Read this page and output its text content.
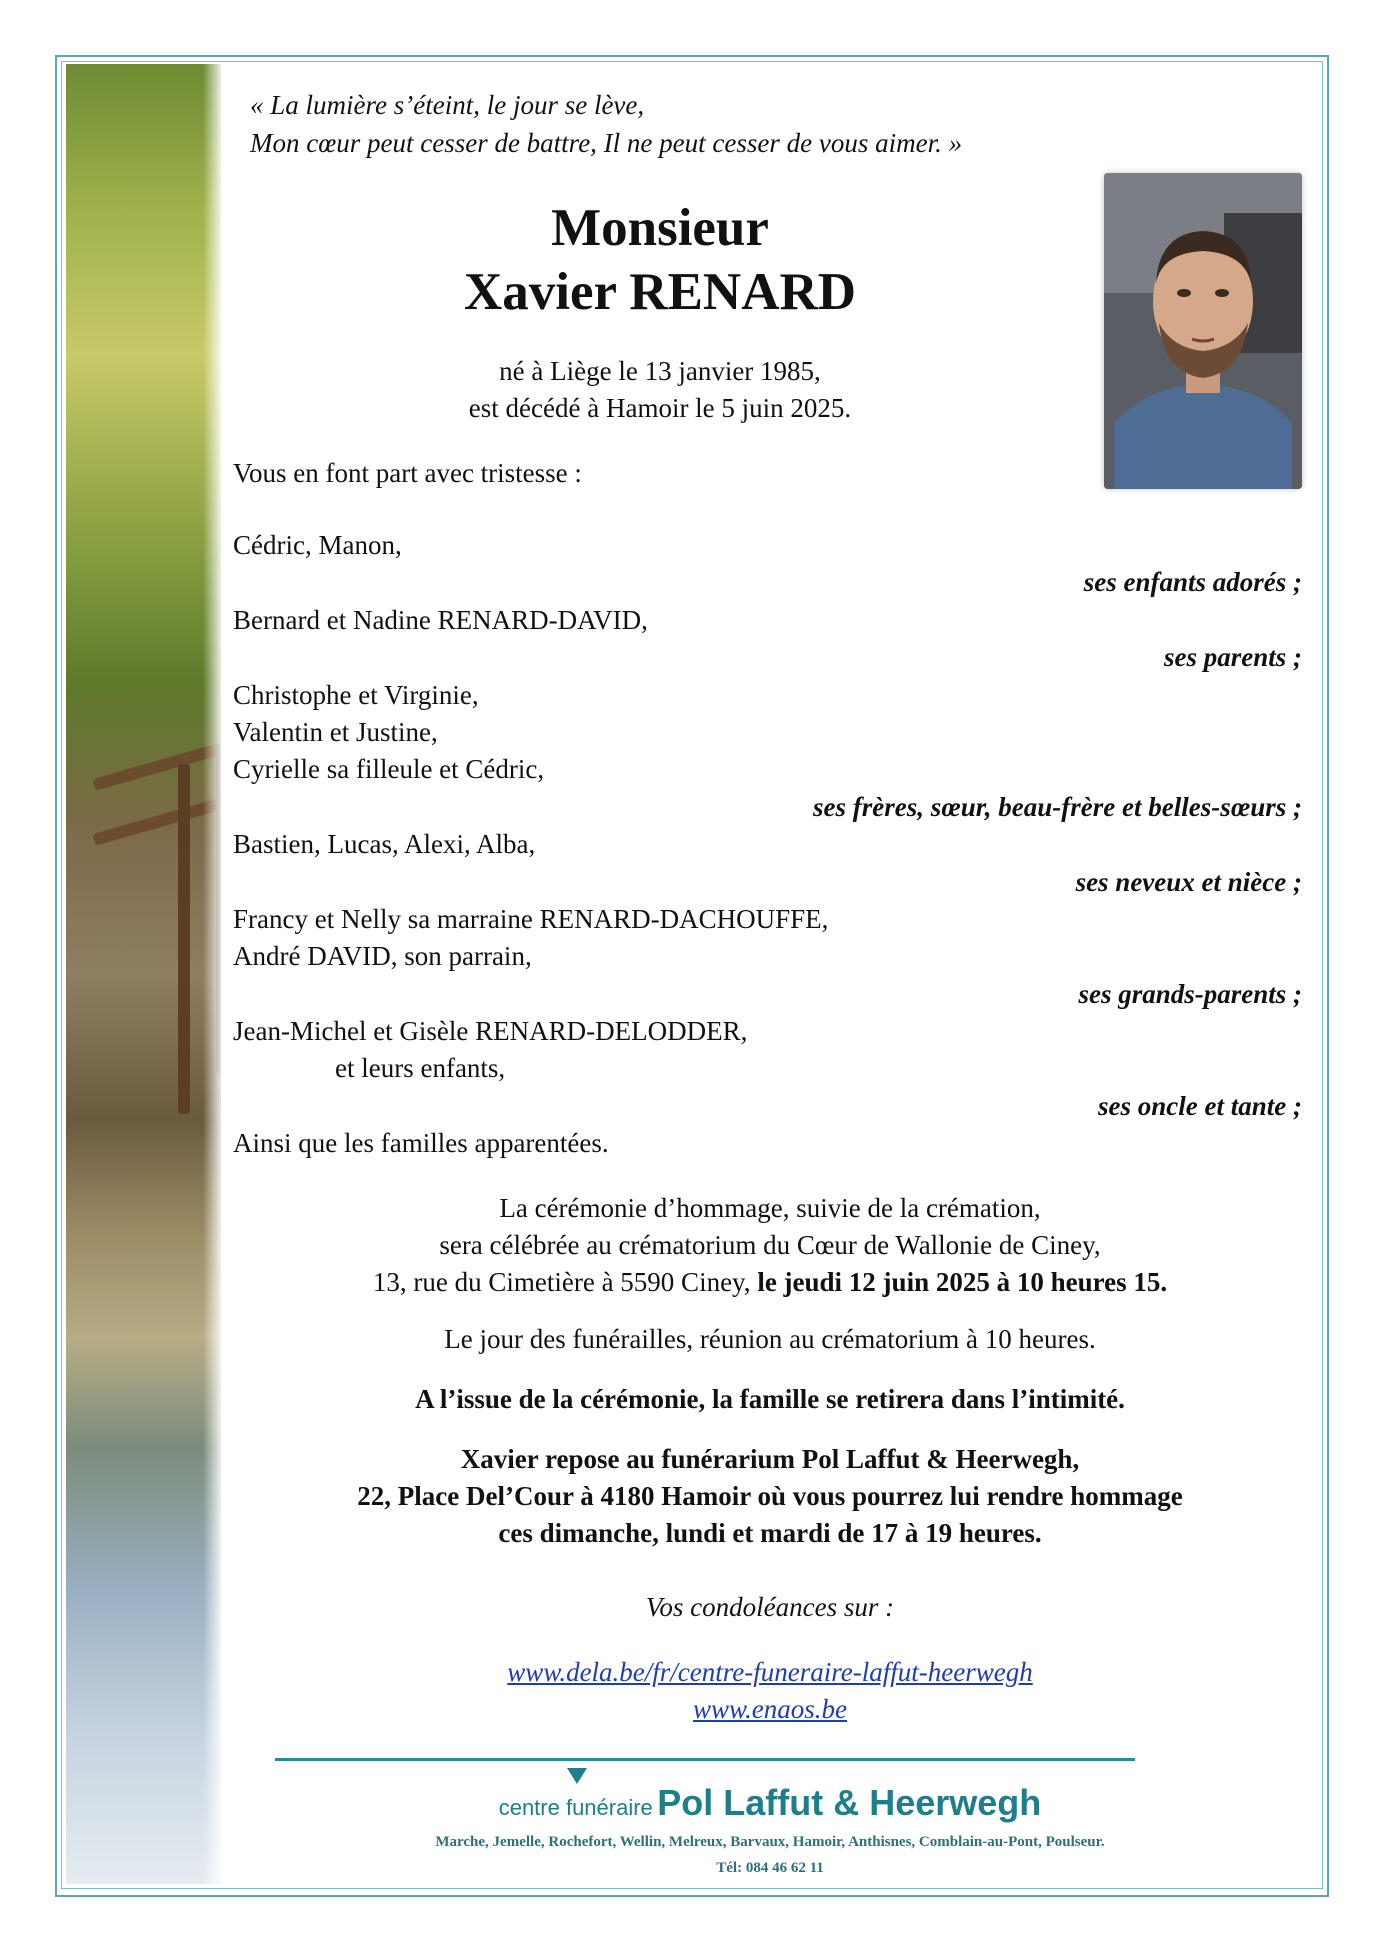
« La lumière s’éteint, le jour se lève,
Mon cœur peut cesser de battre, Il ne peut cesser de vous aimer. »
Monsieur
Xavier RENARD
né à Liège le 13 janvier 1985,
est décédé à Hamoir le 5 juin 2025.
Vous en font part avec tristesse :
Cédric, Manon,
ses enfants adorés ;
Bernard et Nadine RENARD-DAVID,
ses parents ;
Christophe et Virginie,
Valentin et Justine,
Cyrielle sa filleule et Cédric,
ses frères, sœur, beau-frère et belles-sœurs ;
Bastien, Lucas, Alexi, Alba,
ses neveux et nièce ;
Francy et Nelly sa marraine RENARD-DACHOUFFE,
André DAVID, son parrain,
ses grands-parents ;
Jean-Michel et Gisèle RENARD-DELODDER,
et leurs enfants,
ses oncle et tante ;
Ainsi que les familles apparentées.
La cérémonie d’hommage, suivie de la crémation,
sera célébrée au crématorium du Cœur de Wallonie de Ciney,
13, rue du Cimetière à 5590 Ciney, le jeudi 12 juin 2025 à 10 heures 15.
Le jour des funérailles, réunion au crématorium à 10 heures.
A l’issue de la cérémonie, la famille se retirera dans l’intimité.
Xavier repose au funérarium Pol Laffut & Heerwegh,
22, Place Del’Cour à 4180 Hamoir où vous pourrez lui rendre hommage
ces dimanche, lundi et mardi de 17 à 19 heures.
Vos condoléances sur :
www.dela.be/fr/centre-funeraire-laffut-heerwegh
www.enaos.be
centre funéraire Pol Laffut & Heerwegh
Marche, Jemelle, Rochefort, Wellin, Melreux, Barvaux, Hamoir, Anthisnes, Comblain-au-Pont, Poulseur.
Tél: 084 46 62 11
